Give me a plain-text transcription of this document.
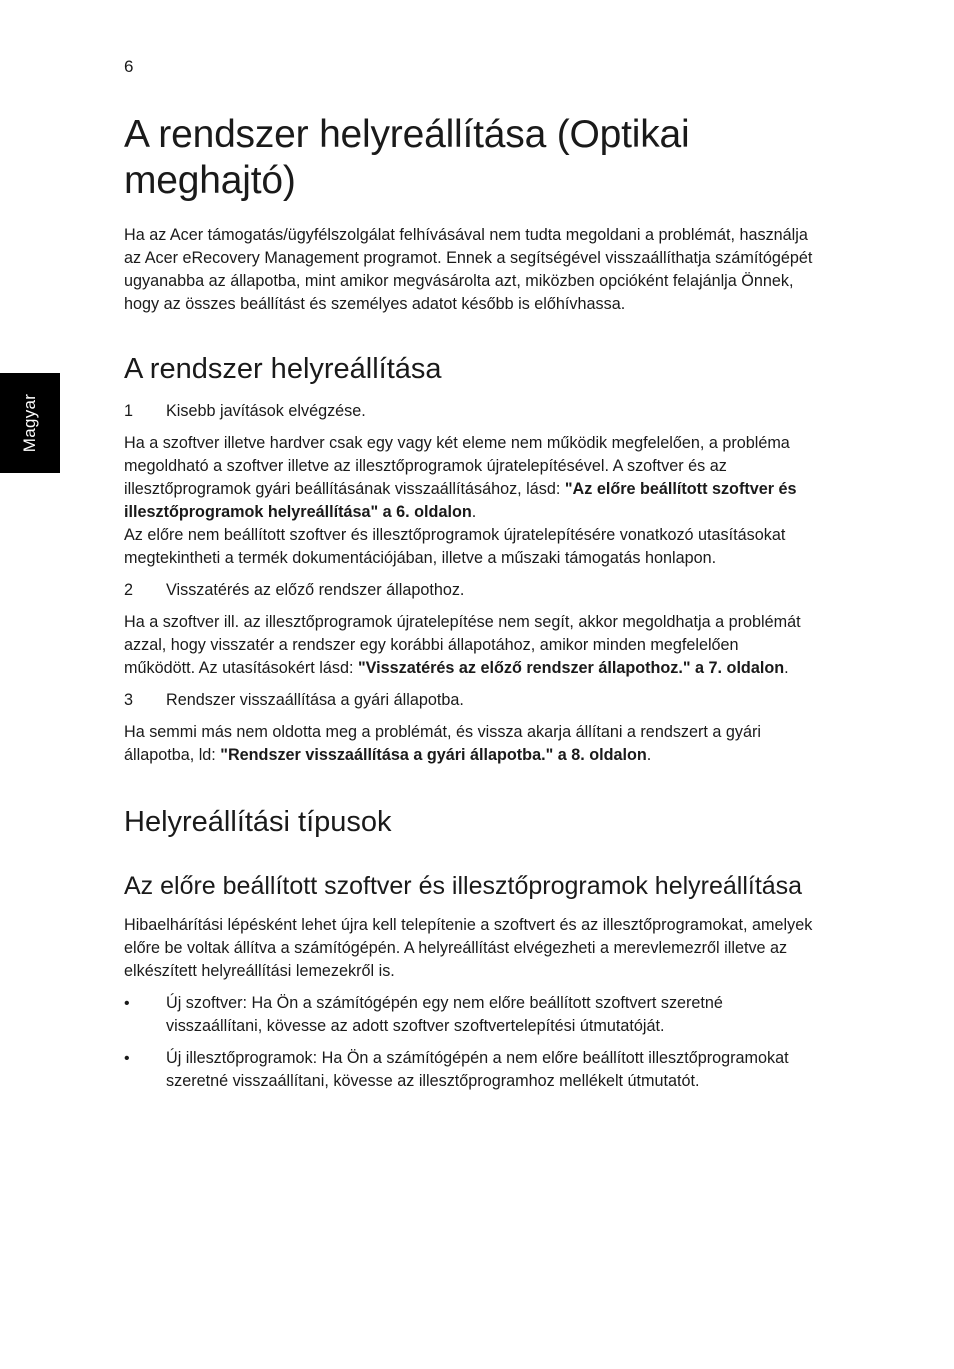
6
Magyar
A rendszer helyreállítása (Optikai meghajtó)

Ha az Acer támogatás/ügyfélszolgálat felhívásával nem tudta megoldani a problémát, használja az Acer eRecovery Management programot. Ennek a segítségével visszaállíthatja számítógépét ugyanabba az állapotba, mint amikor megvásárolta azt, miközben opcióként felajánlja Önnek, hogy az összes beállítást és személyes adatot később is előhívhassa.

A rendszer helyreállítása
1	Kisebb javítások elvégzése.

Ha a szoftver illetve hardver csak egy vagy két eleme nem működik megfelelően, a probléma megoldható a szoftver illetve az illesztőprogramok újratelepítésével. A szoftver és az illesztőprogramok gyári beállításának visszaállításához, lásd: "Az előre beállított szoftver és illesztőprogramok helyreállítása" a 6. oldalon.
Az előre nem beállított szoftver és illesztőprogramok újratelepítésére vonatkozó utasításokat megtekintheti a termék dokumentációjában, illetve a műszaki támogatás honlapon.

2	Visszatérés az előző rendszer állapothoz.

Ha a szoftver ill. az illesztőprogramok újratelepítése nem segít, akkor megoldhatja a problémát azzal, hogy visszatér a rendszer egy korábbi állapotához, amikor minden megfelelően működött. Az utasításokért lásd: "Visszatérés az előző rendszer állapothoz." a 7. oldalon.

3	Rendszer visszaállítása a gyári állapotba.

Ha semmi más nem oldotta meg a problémát, és vissza akarja állítani a rendszert a gyári állapotba, ld: "Rendszer visszaállítása a gyári állapotba." a 8. oldalon.

Helyreállítási típusok
Az előre beállított szoftver és illesztőprogramok helyreállítása

Hibaelhárítási lépésként lehet újra kell telepítenie a szoftvert és az illesztőprogramokat, amelyek előre be voltak állítva a számítógépén. A helyreállítást elvégezheti a merevlemezről illetve az elkészített helyreállítási lemezekről is.

•	Új szoftver: Ha Ön a számítógépén egy nem előre beállított szoftvert szeretné visszaállítani, kövesse az adott szoftver szoftvertelepítési útmutatóját.
•	Új illesztőprogramok: Ha Ön a számítógépén a nem előre beállított illesztőprogramokat szeretné visszaállítani, kövesse az illesztőprogramhoz mellékelt útmutatót.
